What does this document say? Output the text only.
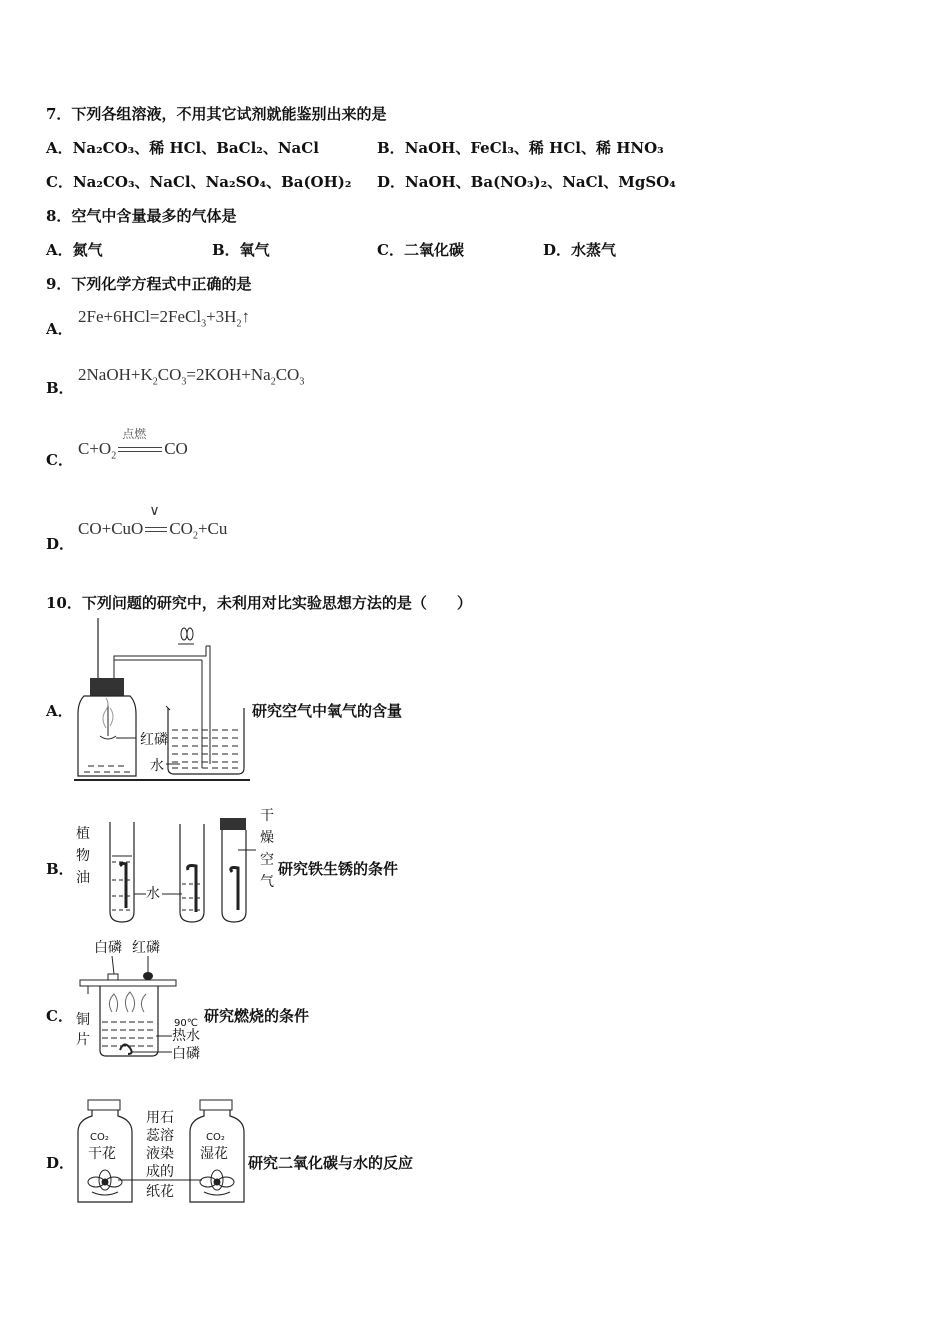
7．下列各组溶液，不用其它试剂就能鉴别出来的是
A．Na₂CO₃、稀 HCl、BaCl₂、NaCl	B．NaOH、FeCl₃、稀 HCl、稀 HNO₃
C．Na₂CO₃、NaCl、Na₂SO₄、Ba(OH)₂ D．NaOH、Ba(NO₃)₂、NaCl、MgSO₄
8．空气中含量最多的气体是
A．氮气	B．氧气	C．二氧化碳	D．水蒸气
9．下列化学方程式中正确的是
A．
$2Fe+6HCl=2FeCl_3+3H_2↑$
B．
$2NaOH+K_2CO_3=2KOH+Na_2CO_3$
C．
$C+O_2$
点燃
CO
D．
CO+CuO
∨
$CO_2+Cu$
10．下列问题的研究中，未利用对比实验思想方法的是（　　）
A．
红磷
水
研究空气中氧气的含量
B．
植
物
油
水
干
燥
空
气
研究铁生锈的条件
C．
白磷 红磷
铜
片
90℃
热水
白磷
研究燃烧的条件
D．
CO₂
干花
CO₂
湿花
用石
蕊溶
液染
成的
纸花
研究二氧化碳与水的反应
